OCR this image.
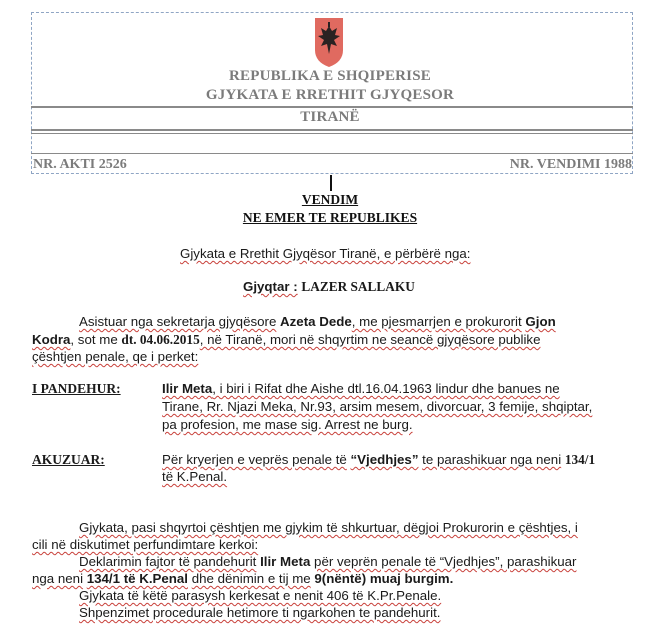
REPUBLIKA E SHQIPERISE
GJYKATA E RRETHIT GJYQESOR
TIRANË
NR. AKTI 2526	NR. VENDIMI 1988
VENDIM
NE EMER TE REPUBLIKES
Gjykata e Rrethit Gjyqësor Tiranë, e përbërë nga:
Gjyqtar : LAZER SALLAKU
Asistuar nga sekretarja gjyqësore Azeta Dede, me pjesmarrjen e prokurorit Gjon
Kodra, sot me dt. 04.06.2015, në Tiranë, mori në shqyrtim ne seancë gjyqësore publike
çështjen penale, qe i perket:
I PANDEHUR:	Ilir Meta, i biri i Rifat dhe Aishe dtl.16.04.1963 lindur dhe banues ne
Tirane, Rr. Njazi Meka, Nr.93, arsim mesem, divorcuar, 3 femije, shqiptar,
pa profesion, me mase sig. Arrest ne burg.
AKUZUAR:	Për kryerjen e veprës penale të “Vjedhjes” te parashikuar nga neni 134/1
të K.Penal.
Gjykata, pasi shqyrtoi çështjen me gjykim të shkurtuar, dëgjoi Prokurorin e çështjes, i
cili në diskutimet perfundimtare kerkoi:
Deklarimin fajtor të pandehurit Ilir Meta për veprën penale të “Vjedhjes”, parashikuar
nga neni 134/1 të K.Penal dhe dënimin e tij me 9(nëntë) muaj burgim.
Gjykata të këtë parasysh kerkesat e nenit 406 të K.Pr.Penale.
Shpenzimet procedurale hetimore ti ngarkohen te pandehurit.
